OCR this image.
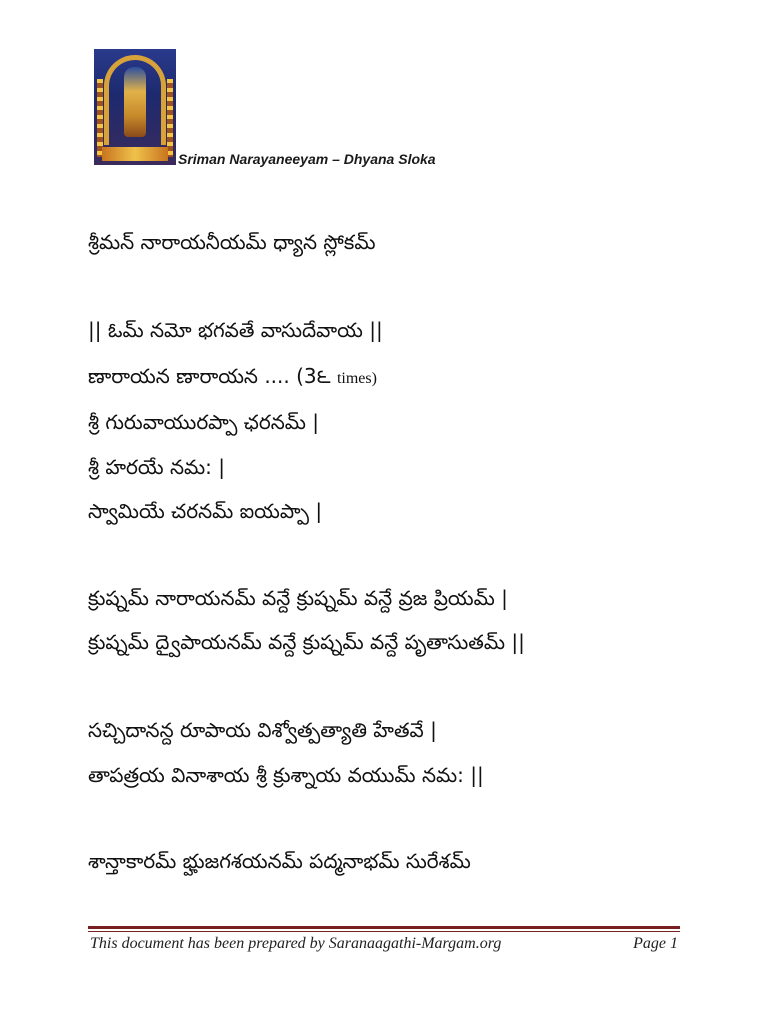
Sriman Narayaneeyam – Dhyana Sloka
శ్రీమన్ నారాయనీయమ్ ధ్యాన స్లోకమ్
|| ఓమ్ నమో భగవతే వాసుదేవాయ ||
ణారాయన ణారాయన .... (3౬ times)
శ్రీ గురువాయురప్పా ఛరనమ్ |
శ్రీ హరయే నమ: |
స్వామియే చరనమ్ ఐయప్పా |
క్రుష్నమ్ నారాయనమ్ వన్దే క్రుష్నమ్ వన్దే వ్రజ ప్రియమ్ |
క్రుష్నమ్ ద్వైపాయనమ్ వన్దే క్రుష్నమ్ వన్దే పృతాసుతమ్ ||
సచ్చిదానన్ద రూపాయ విశ్వోత్పత్యాతి హేతవే |
తాపత్రయ వినాశాయ శ్రీ క్రుశ్నాయ వయుమ్ నమ: ||
శాన్తాకారమ్ భ్హుజగశయనమ్ పద్మనాభమ్ సురేశమ్
This document has been prepared by Saranaagathi-Margam.org	Page 1
